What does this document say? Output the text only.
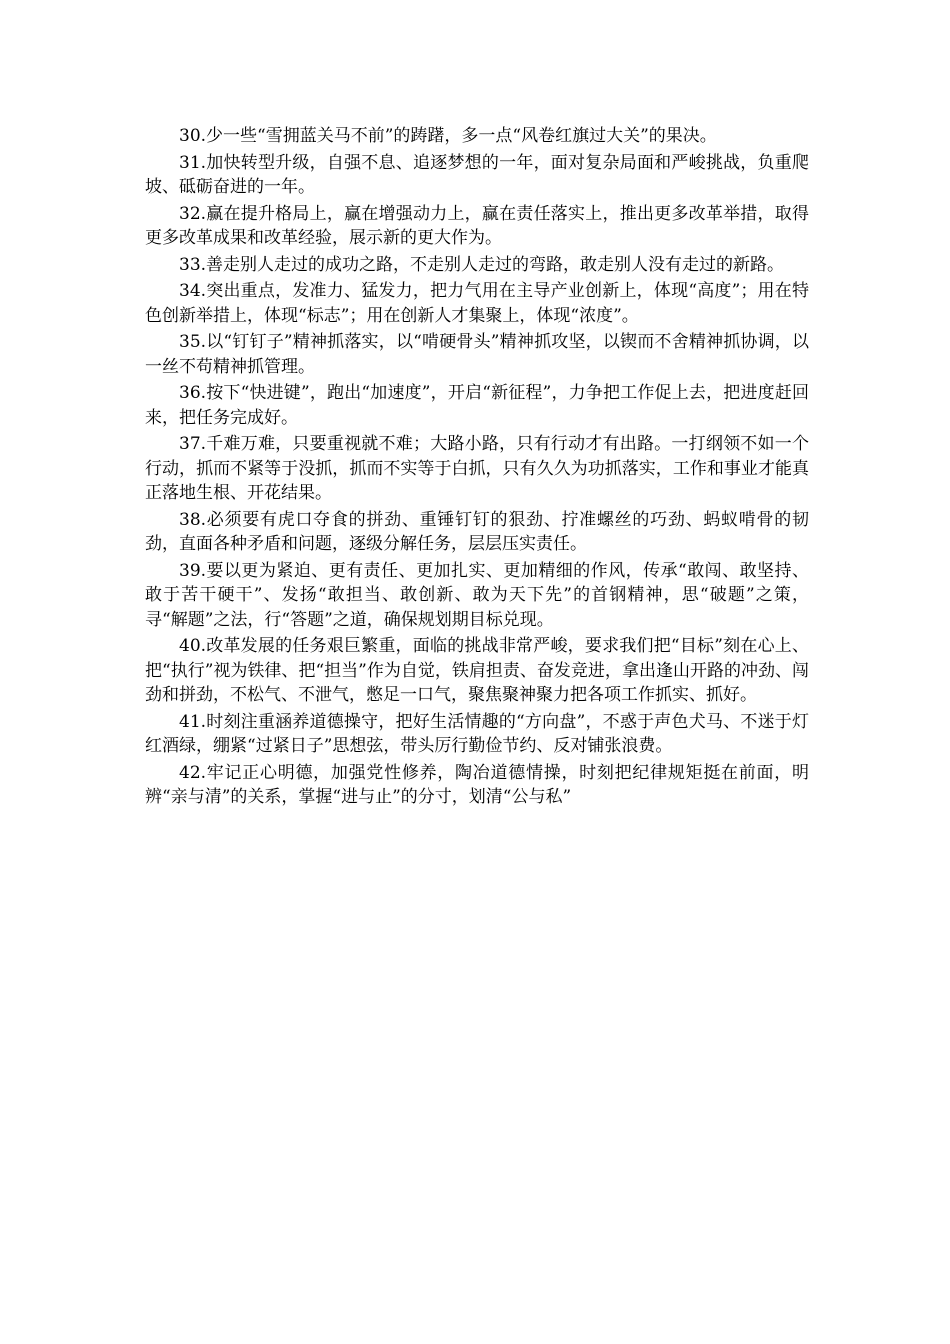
30.少一些“雪拥蓝关马不前”的踌躇，多一点“风卷红旗过大关”的果决。

31.加快转型升级，自强不息、追逐梦想的一年，面对复杂局面和严峻挑战，负重爬坡、砥砺奋进的一年。

32.赢在提升格局上，赢在增强动力上，赢在责任落实上，推出更多改革举措，取得更多改革成果和改革经验，展示新的更大作为。

33.善走别人走过的成功之路，不走别人走过的弯路，敢走别人没有走过的新路。

34.突出重点，发准力、猛发力，把力气用在主导产业创新上，体现“高度”；用在特色创新举措上，体现“标志”；用在创新人才集聚上，体现“浓度”。

35.以“钉钉子”精神抓落实，以“啃硬骨头”精神抓攻坚，以锲而不舍精神抓协调，以一丝不苟精神抓管理。

36.按下“快进键”，跑出“加速度”，开启“新征程”，力争把工作促上去，把进度赶回来，把任务完成好。

37.千难万难，只要重视就不难；大路小路，只有行动才有出路。一打纲领不如一个行动，抓而不紧等于没抓，抓而不实等于白抓，只有久久为功抓落实，工作和事业才能真正落地生根、开花结果。

38.必须要有虎口夺食的拼劲、重锤钉钉的狠劲、拧准螺丝的巧劲、蚂蚁啃骨的韧劲，直面各种矛盾和问题，逐级分解任务，层层压实责任。

39.要以更为紧迫、更有责任、更加扎实、更加精细的作风，传承“敢闯、敢坚持、敢于苦干硬干”、发扬“敢担当、敢创新、敢为天下先”的首钢精神，思“破题”之策，寻“解题”之法，行“答题”之道，确保规划期目标兑现。

40.改革发展的任务艰巨繁重，面临的挑战非常严峻，要求我们把“目标”刻在心上、把“执行”视为铁律、把“担当”作为自觉，铁肩担责、奋发竞进，拿出逢山开路的冲劲、闯劲和拼劲，不松气、不泄气，憋足一口气，聚焦聚神聚力把各项工作抓实、抓好。

41.时刻注重涵养道德操守，把好生活情趣的“方向盘”，不惑于声色犬马、不迷于灯红酒绿，绷紧“过紧日子”思想弦，带头厉行勤俭节约、反对铺张浪费。

42.牢记正心明德，加强党性修养，陶冶道德情操，时刻把纪律规矩挺在前面，明辨“亲与清”的关系，掌握“进与止”的分寸，划清“公与私”
